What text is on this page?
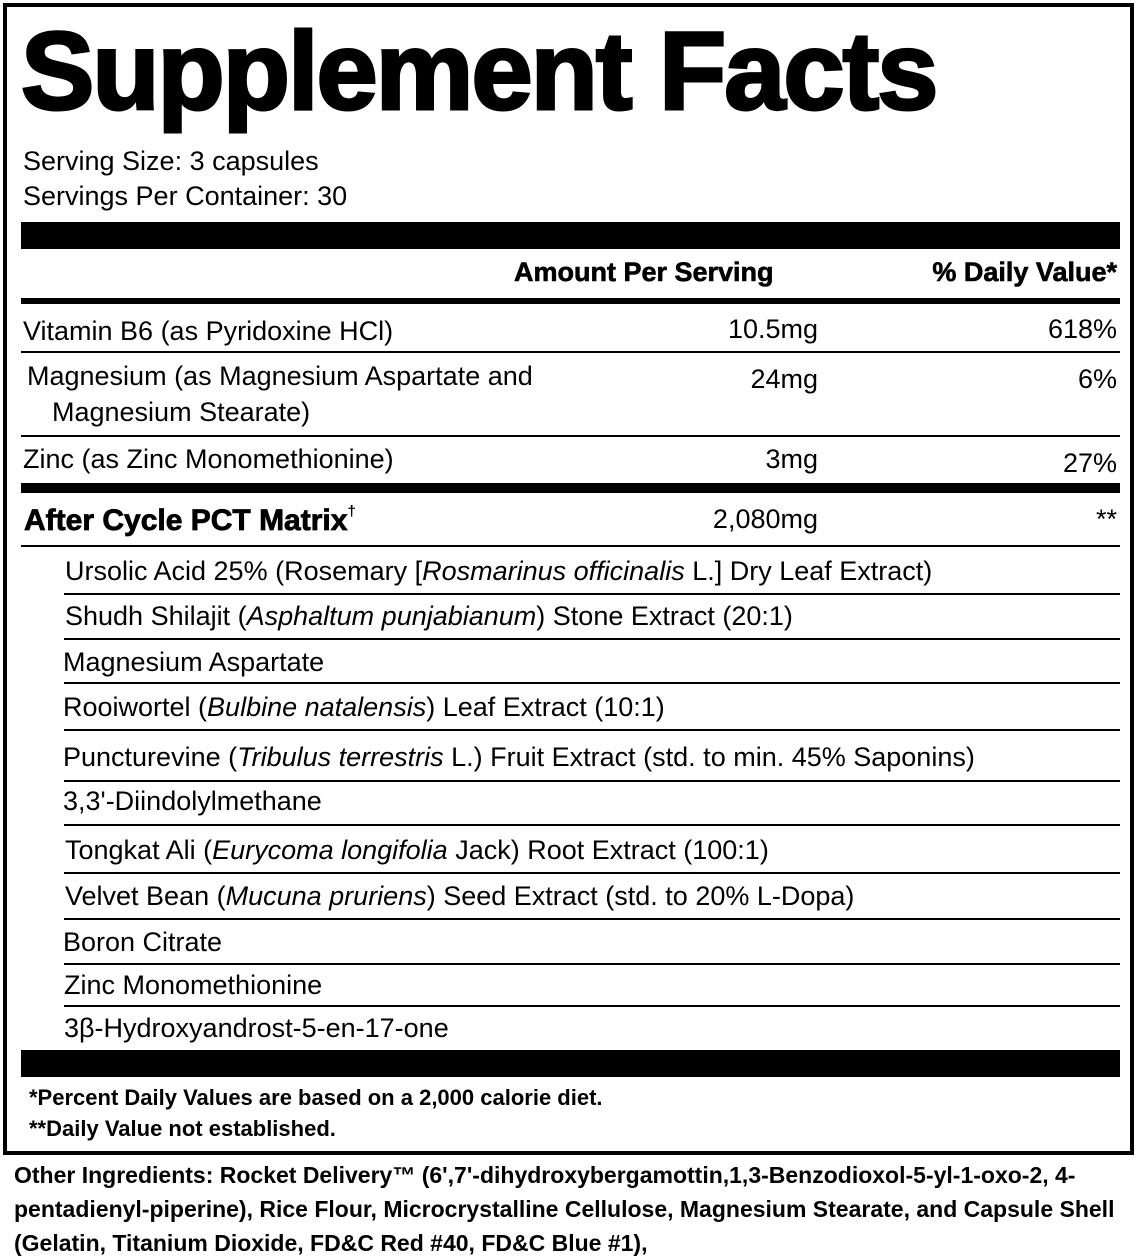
Supplement Facts
Serving Size: 3 capsules
Servings Per Container: 30
Amount Per Serving	% Daily Value*
Vitamin B6 (as Pyridoxine HCl)	10.5mg	618%
Magnesium (as Magnesium Aspartate and
Magnesium Stearate)
24mg	6%
Zinc (as Zinc Monomethionine)	3mg	27%
After Cycle PCT Matrix†	2,080mg	**
Ursolic Acid 25% (Rosemary [Rosmarinus officinalis L.] Dry Leaf Extract)
Shudh Shilajit (Asphaltum punjabianum) Stone Extract (20:1)
Magnesium Aspartate
Rooiwortel (Bulbine natalensis) Leaf Extract (10:1)
Puncturevine (Tribulus terrestris L.) Fruit Extract (std. to min. 45% Saponins)
3,3'-Diindolylmethane
Tongkat Ali (Eurycoma longifolia Jack) Root Extract (100:1)
Velvet Bean (Mucuna pruriens) Seed Extract (std. to 20% L-Dopa)
Boron Citrate
Zinc Monomethionine
3β-Hydroxyandrost-5-en-17-one
*Percent Daily Values are based on a 2,000 calorie diet.
**Daily Value not established.
Other Ingredients: Rocket Delivery™ (6',7'-dihydroxybergamottin,1,3-Benzodioxol-5-yl-1-oxo-2, 4-pentadienyl-piperine), Rice Flour, Microcrystalline Cellulose, Magnesium Stearate, and Capsule Shell (Gelatin, Titanium Dioxide, FD&C Red #40, FD&C Blue #1),
